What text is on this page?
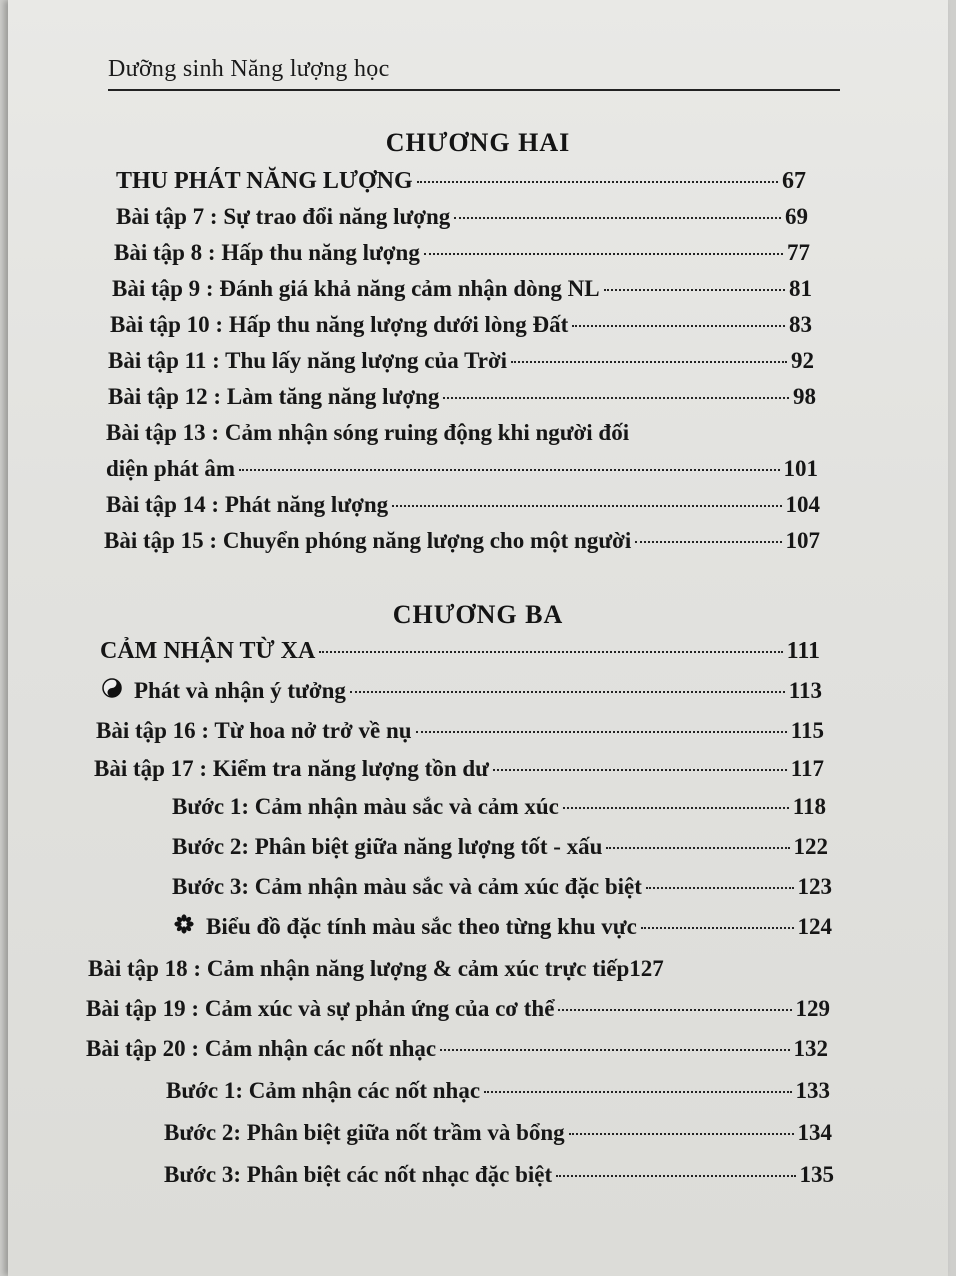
Dưỡng sinh Năng lượng học
CHƯƠNG HAI
THU PHÁT NĂNG LƯỢNG	67
Bài tập 7 : Sự trao đổi năng lượng	69
Bài tập 8 : Hấp thu năng lượng	77
Bài tập 9 : Đánh giá khả năng cảm nhận dòng NL	81
Bài tập 10 : Hấp thu năng lượng dưới lòng Đất	83
Bài tập 11 : Thu lấy năng lượng của Trời	92
Bài tập 12 : Làm tăng năng lượng	98
Bài tập 13 : Cảm nhận sóng ruing động khi người đối
diện phát âm	101
Bài tập 14 : Phát năng lượng	104
Bài tập 15 : Chuyển phóng năng lượng cho một người	107
CHƯƠNG BA
CẢM NHẬN TỪ XA	111
Phát và nhận ý tưởng	113
Bài tập 16 : Từ hoa nở trở về nụ	115
Bài tập 17 : Kiểm tra năng lượng tồn dư	117
Bước 1: Cảm nhận màu sắc và cảm xúc	118
Bước 2: Phân biệt giữa năng lượng tốt - xấu	122
Bước 3: Cảm nhận màu sắc và cảm xúc đặc biệt	123
Biểu đồ đặc tính màu sắc theo từng khu vực	124
Bài tập 18 : Cảm nhận năng lượng & cảm xúc trực tiếp 127
Bài tập 19 : Cảm xúc và sự phản ứng của cơ thể	129
Bài tập 20 : Cảm nhận các nốt nhạc	132
Bước 1: Cảm nhận các nốt nhạc	133
Bước 2: Phân biệt giữa nốt trầm và bổng	134
Bước 3: Phân biệt các nốt nhạc đặc biệt	135
